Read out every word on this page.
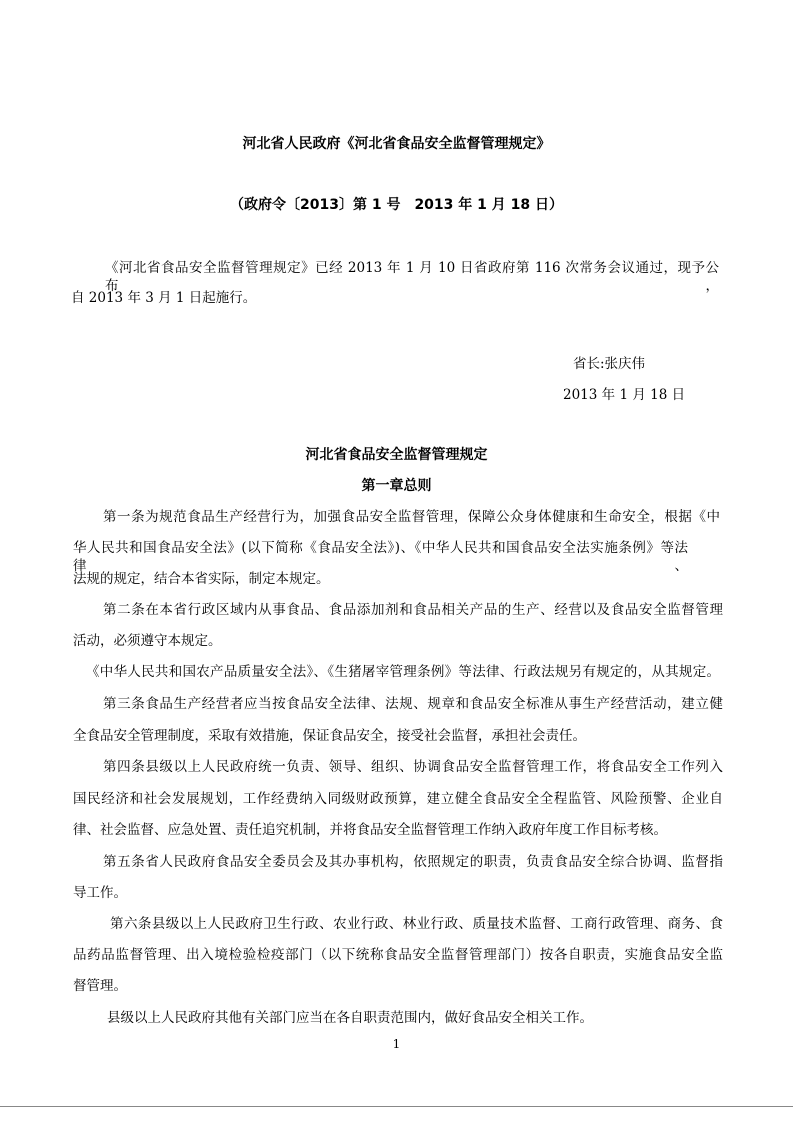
河北省人民政府《河北省食品安全监督管理规定》
（政府令〔2013〕第 1 号　2013 年 1 月 18 日）
《河北省食品安全监督管理规定》已经 2013 年 1 月 10 日省政府第 116 次常务会议通过，现予公布，
自 2013 年 3 月 1 日起施行。
省长:张庆伟
2013 年 1 月 18 日
河北省食品安全监督管理规定
第一章总则
第一条为规范食品生产经营行为，加强食品安全监督管理，保障公众身体健康和生命安全，根据《中
华人民共和国食品安全法》(以下简称《食品安全法》)、《中华人民共和国食品安全法实施条例》等法律、
法规的规定，结合本省实际，制定本规定。
第二条在本省行政区域内从事食品、食品添加剂和食品相关产品的生产、经营以及食品安全监督管理
活动，必须遵守本规定。
《中华人民共和国农产品质量安全法》、《生猪屠宰管理条例》等法律、行政法规另有规定的，从其规定。
第三条食品生产经营者应当按食品安全法律、法规、规章和食品安全标准从事生产经营活动，建立健
全食品安全管理制度，采取有效措施，保证食品安全，接受社会监督，承担社会责任。
第四条县级以上人民政府统一负责、领导、组织、协调食品安全监督管理工作，将食品安全工作列入
国民经济和社会发展规划，工作经费纳入同级财政预算，建立健全食品安全全程监管、风险预警、企业自
律、社会监督、应急处置、责任追究机制，并将食品安全监督管理工作纳入政府年度工作目标考核。
第五条省人民政府食品安全委员会及其办事机构，依照规定的职责，负责食品安全综合协调、监督指
导工作。
第六条县级以上人民政府卫生行政、农业行政、林业行政、质量技术监督、工商行政管理、商务、食
品药品监督管理、出入境检验检疫部门（以下统称食品安全监督管理部门）按各自职责，实施食品安全监
督管理。
县级以上人民政府其他有关部门应当在各自职责范围内，做好食品安全相关工作。
1
